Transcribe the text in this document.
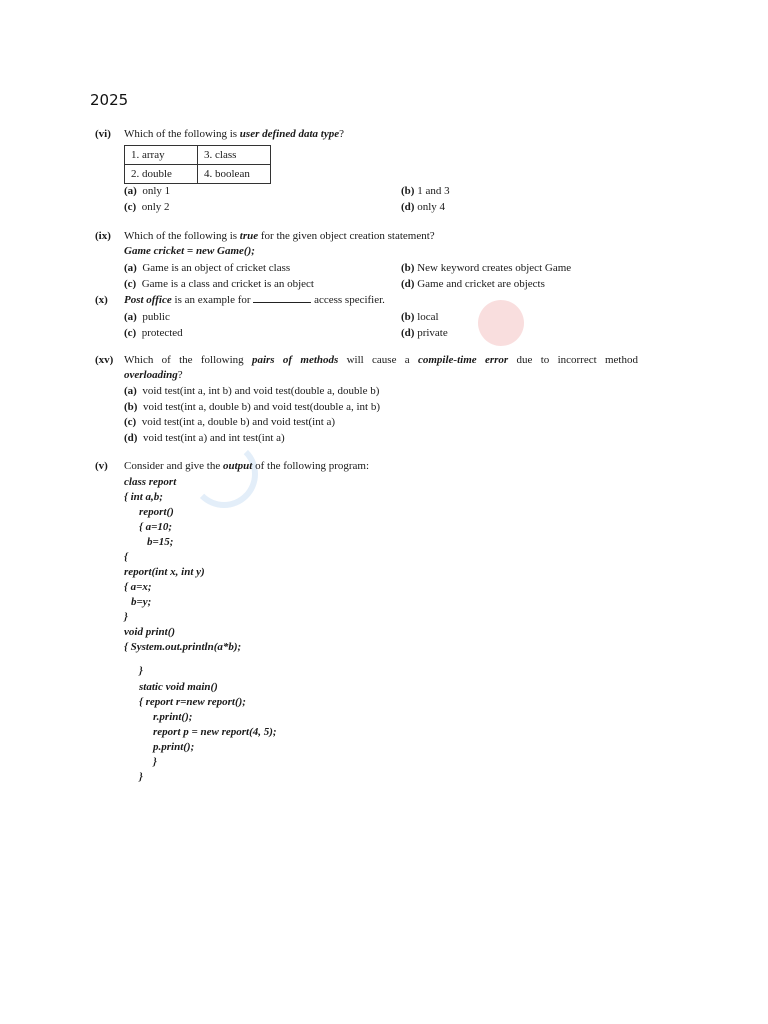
2025
(vi) Which of the following is user defined data type?
1. array	3. class
2. double	4. boolean
(a) only 1	(b) 1 and 3
(c) only 2	(d) only 4
(ix) Which of the following is true for the given object creation statement?
Game cricket = new Game();
(a) Game is an object of cricket class	(b) New keyword creates object Game
(c) Game is a class and cricket is an object	(d) Game and cricket are objects
(x) Post office is an example for	access specifier.
(a) public	(b) local
(c) protected	(d) private
(xv) Which of the following pairs of methods will cause a compile-time error due to incorrect method
overloading?
(a) void test(int a, int b) and void test(double a, double b)
(b) void test(int a, double b) and void test(double a, int b)
(c) void test(int a, double b) and void test(int a)
(d) void test(int a) and int test(int a)
(v) Consider and give the output of the following program:
class report
{ int a,b;
report()
{ a=10;
b=15;
{
report(int x, int y)
{ a=x;
b=y;
}
void print()
{ System.out.println(a*b);
}
static void main()
{ report r=new report();
r.print();
report p = new report(4, 5);
p.print();
}
}
